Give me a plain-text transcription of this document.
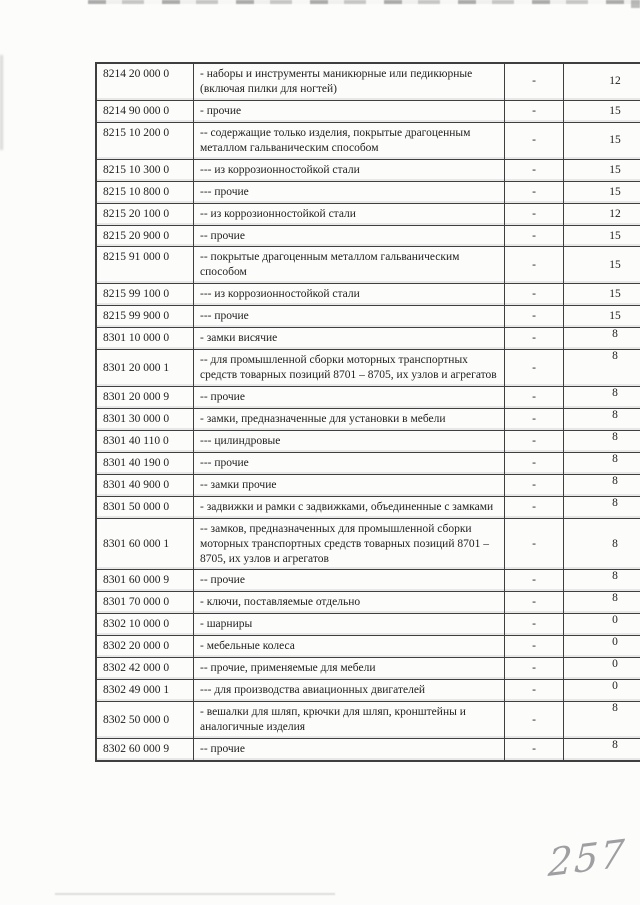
8214 20 000 0	- наборы и инструменты маникюрные или педикюрные (включая пилки для ногтей)	-	12
8214 90 000 0	- прочие	-	15
8215 10 200 0	-- содержащие только изделия, покрытые драгоценным металлом гальваническим способом	-	15
8215 10 300 0	--- из коррозионностойкой стали	-	15
8215 10 800 0	--- прочие	-	15
8215 20 100 0	-- из коррозионностойкой стали	-	12
8215 20 900 0	-- прочие	-	15
8215 91 000 0	-- покрытые драгоценным металлом гальваническим способом	-	15
8215 99 100 0	--- из коррозионностойкой стали	-	15
8215 99 900 0	--- прочие	-	15
8301 10 000 0	- замки висячие	-	8
8301 20 000 1	-- для промышленной сборки моторных транспортных средств товарных позиций 8701 – 8705, их узлов и агрегатов	-	8
8301 20 000 9	-- прочие	-	8
8301 30 000 0	- замки, предназначенные для установки в мебели	-	8
8301 40 110 0	--- цилиндровые	-	8
8301 40 190 0	--- прочие	-	8
8301 40 900 0	-- замки прочие	-	8
8301 50 000 0	- задвижки и рамки с задвижками, объединенные с замками	-	8
8301 60 000 1	-- замков, предназначенных для промышленной сборки моторных транспортных средств товарных позиций 8701 – 8705, их узлов и агрегатов	-	8
8301 60 000 9	-- прочие	-	8
8301 70 000 0	- ключи, поставляемые отдельно	-	8
8302 10 000 0	- шарниры	-	0
8302 20 000 0	- мебельные колеса	-	0
8302 42 000 0	-- прочие, применяемые для мебели	-	0
8302 49 000 1	--- для производства авиационных двигателей	-	0
8302 50 000 0	- вешалки для шляп, крючки для шляп, кронштейны и аналогичные изделия	-	8
8302 60 000 9	-- прочие	-	8
257
